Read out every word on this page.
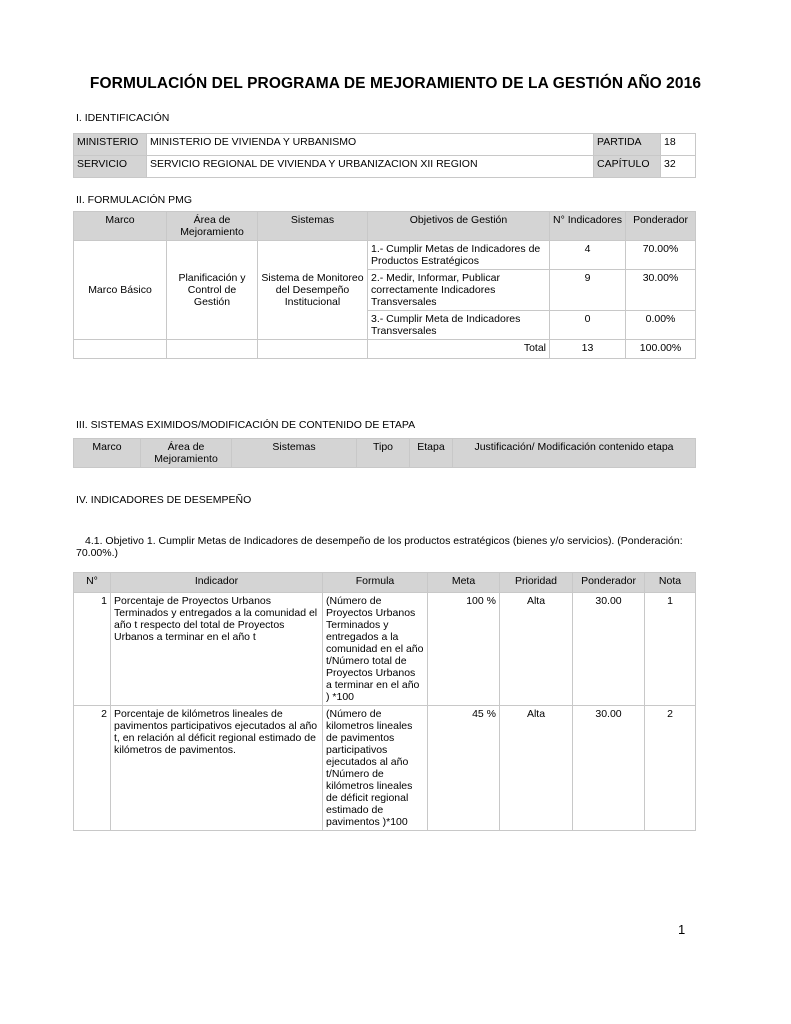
FORMULACIÓN DEL PROGRAMA DE MEJORAMIENTO DE LA GESTIÓN AÑO 2016
I. IDENTIFICACIÓN
MINISTERIO	MINISTERIO DE VIVIENDA Y URBANISMO	PARTIDA	18
SERVICIO	SERVICIO REGIONAL DE VIVIENDA Y URBANIZACION XII REGION	CAPÍTULO	32
II. FORMULACIÓN PMG
Marco	Área de Mejoramiento	Sistemas	Objetivos de Gestión	N° Indicadores	Ponderador
Marco Básico	Planificación y Control de Gestión	Sistema de Monitoreo del Desempeño Institucional	1.- Cumplir Metas de Indicadores de Productos Estratégicos	4	70.00%
			2.- Medir, Informar, Publicar correctamente Indicadores Transversales	9	30.00%
			3.- Cumplir Meta de Indicadores Transversales	0	0.00%
			Total	13	100.00%
III. SISTEMAS EXIMIDOS/MODIFICACIÓN DE CONTENIDO DE ETAPA
Marco	Área de Mejoramiento	Sistemas	Tipo	Etapa	Justificación/ Modificación contenido etapa
IV. INDICADORES DE DESEMPEÑO
4.1. Objetivo 1. Cumplir Metas de Indicadores de desempeño de los productos estratégicos (bienes y/o servicios). (Ponderación: 70.00%.)
N°	Indicador	Formula	Meta	Prioridad	Ponderador	Nota
1	Porcentaje de Proyectos Urbanos Terminados y entregados a la comunidad el año t respecto del total de Proyectos Urbanos a terminar en el año t	(Número de Proyectos Urbanos Terminados y entregados a la comunidad en el año t/Número total de Proyectos Urbanos a terminar en el año ) *100	100 %	Alta	30.00	1
2	Porcentaje de kilómetros lineales de pavimentos participativos ejecutados al año t, en relación al déficit regional estimado de kilómetros de pavimentos.	(Número de kilometros lineales de pavimentos participativos ejecutados al año t/Número de kilómetros lineales de déficit regional estimado de pavimentos )*100	45 %	Alta	30.00	2
1
